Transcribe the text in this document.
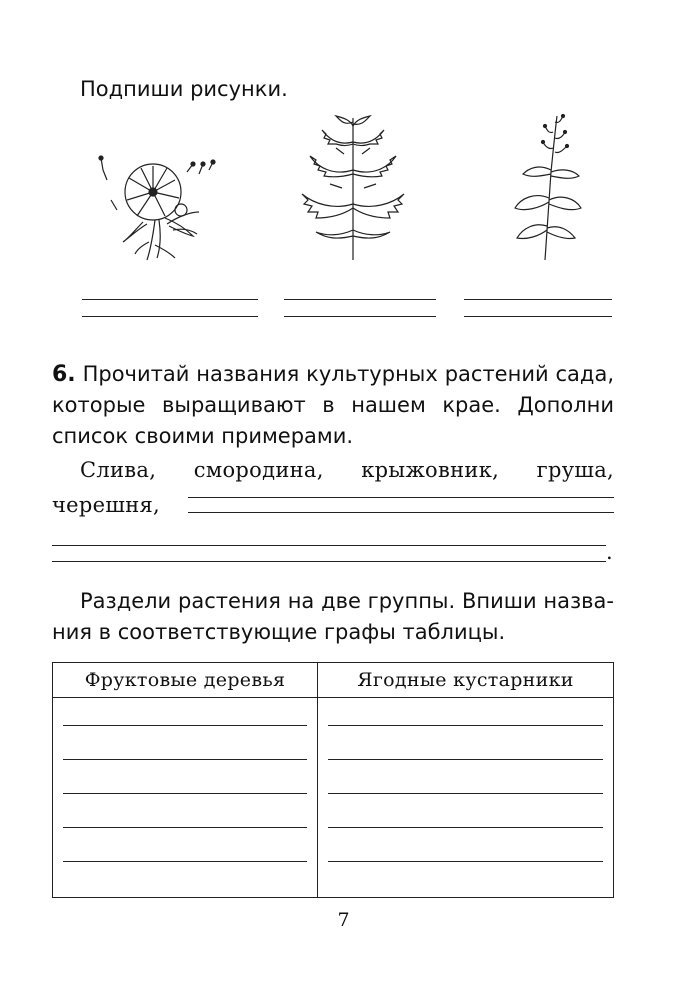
Подпиши рисунки.
6. Прочитай названия культурных растений сада,
которые выращивают в нашем крае. Дополни
список своими примерами.
Слива, смородина, крыжовник, груша,
черешня,
.
Раздели растения на две группы. Впиши назва-
ния в соответствующие графы таблицы.
Фруктовые деревья	Ягодные кустарники

7
